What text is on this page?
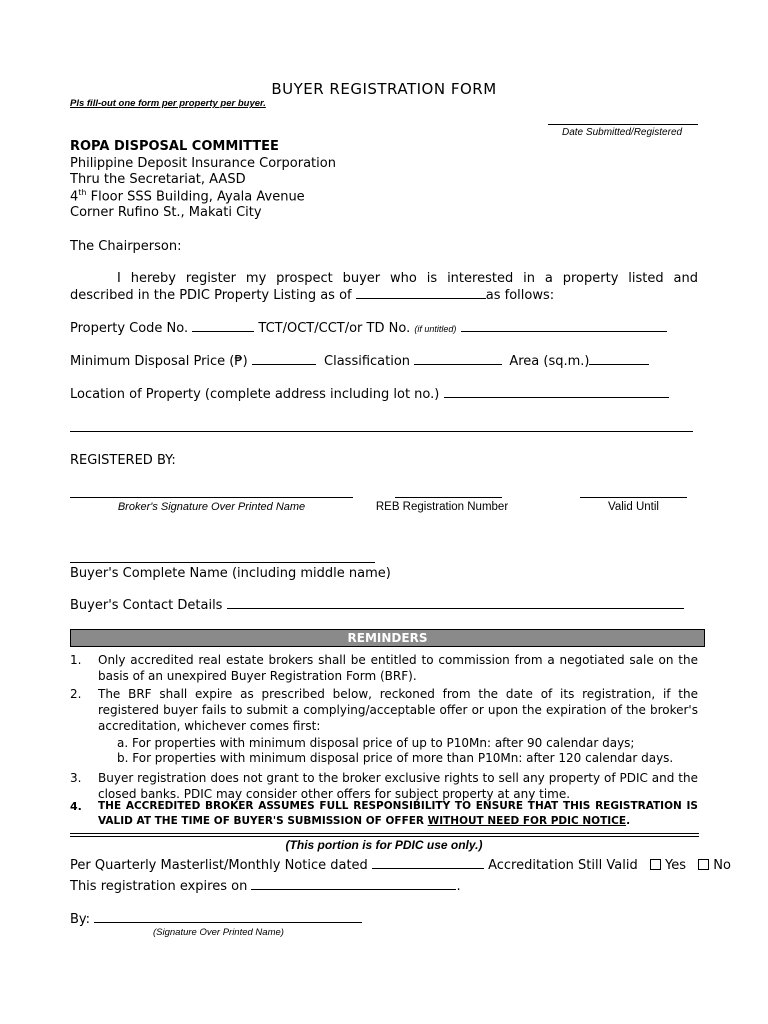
BUYER REGISTRATION FORM
Pls fill-out one form per property per buyer.
Date Submitted/Registered
ROPA DISPOSAL COMMITTEE
Philippine Deposit Insurance Corporation
Thru the Secretariat, AASD
4th Floor SSS Building, Ayala Avenue
Corner Rufino St., Makati City
The Chairperson:
I hereby register my prospect buyer who is interested in a property listed and
described in the PDIC Property Listing as of	as follows:
Property Code No.	TCT/OCT/CCT/or TD No. (if untitled)
Minimum Disposal Price (₱)	Classification	Area (sq.m.)
Location of Property (complete address including lot no.)
REGISTERED BY:
Broker's Signature Over Printed Name	REB Registration Number	Valid Until
Buyer's Complete Name (including middle name)
Buyer's Contact Details
REMINDERS
1. Only accredited real estate brokers shall be entitled to commission from a negotiated sale on the basis of an unexpired Buyer Registration Form (BRF).
2. The BRF shall expire as prescribed below, reckoned from the date of its registration, if the registered buyer fails to submit a complying/acceptable offer or upon the expiration of the broker's accreditation, whichever comes first:
a. For properties with minimum disposal price of up to P10Mn: after 90 calendar days;
b. For properties with minimum disposal price of more than P10Mn: after 120 calendar days.
3. Buyer registration does not grant to the broker exclusive rights to sell any property of PDIC and the closed banks. PDIC may consider other offers for subject property at any time.
4. THE ACCREDITED BROKER ASSUMES FULL RESPONSIBILITY TO ENSURE THAT THIS REGISTRATION IS
VALID AT THE TIME OF BUYER'S SUBMISSION OF OFFER WITHOUT NEED FOR PDIC NOTICE.
(This portion is for PDIC use only.)
Per Quarterly Masterlist/Monthly Notice dated	Accreditation Still Valid Yes No
This registration expires on	.
By:
(Signature Over Printed Name)
